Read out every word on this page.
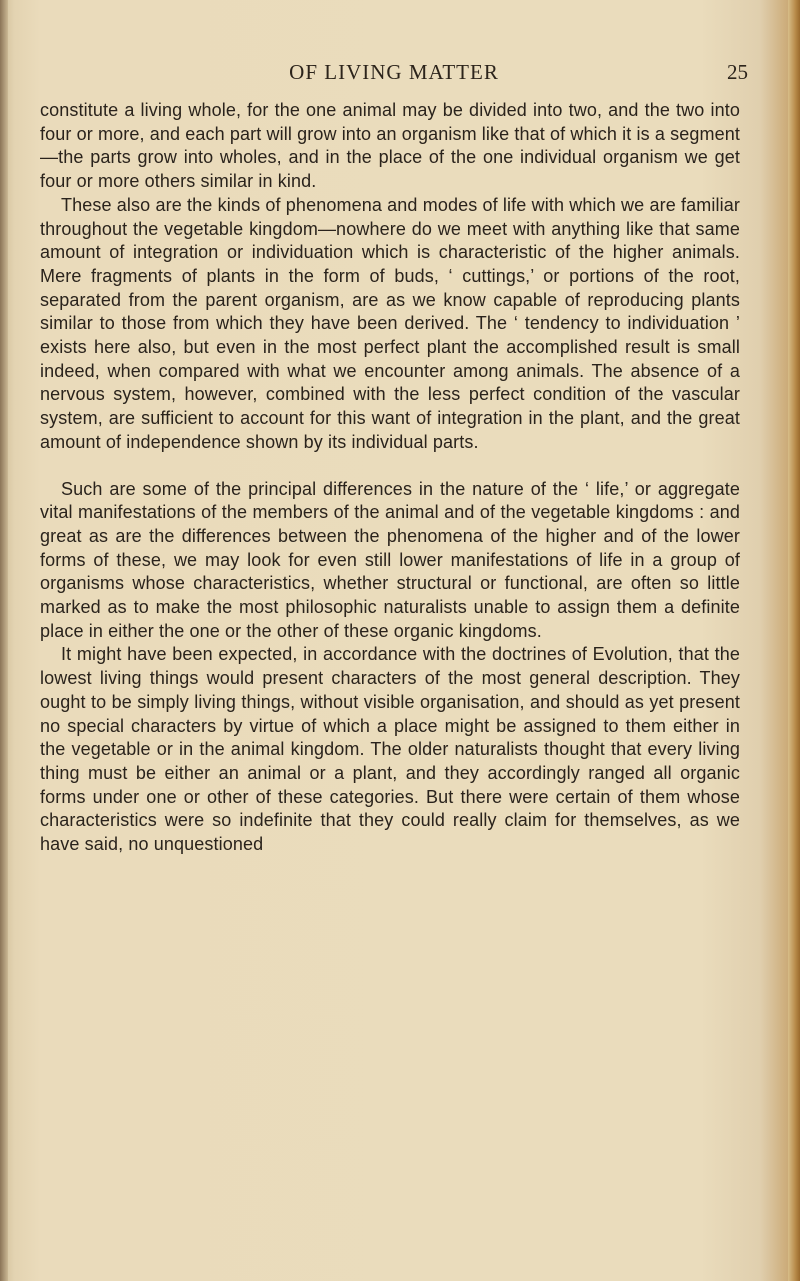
OF LIVING MATTER	25

constitute a living whole, for the one animal may be divided into two, and the two into four or more, and each part will grow into an organism like that of which it is a segment—the parts grow into wholes, and in the place of the one individual organism we get four or more others similar in kind.

These also are the kinds of phenomena and modes of life with which we are familiar throughout the vegetable kingdom—nowhere do we meet with anything like that same amount of integration or individuation which is characteristic of the higher animals. Mere fragments of plants in the form of buds, ‘ cuttings,’ or portions of the root, separated from the parent organism, are as we know capable of reproducing plants similar to those from which they have been derived. The ‘ tendency to individuation ’ exists here also, but even in the most perfect plant the accomplished result is small indeed, when compared with what we encounter among animals. The absence of a nervous system, however, combined with the less perfect condition of the vascular system, are sufficient to account for this want of integration in the plant, and the great amount of independence shown by its individual parts.

Such are some of the principal differences in the nature of the ‘ life,’ or aggregate vital manifestations of the members of the animal and of the vegetable kingdoms : and great as are the differences between the phenomena of the higher and of the lower forms of these, we may look for even still lower manifestations of life in a group of organisms whose characteristics, whether structural or functional, are often so little marked as to make the most philosophic naturalists unable to assign them a definite place in either the one or the other of these organic kingdoms.

It might have been expected, in accordance with the doctrines of Evolution, that the lowest living things would present characters of the most general description. They ought to be simply living things, without visible organisation, and should as yet present no special characters by virtue of which a place might be assigned to them either in the vegetable or in the animal kingdom. The older naturalists thought that every living thing must be either an animal or a plant, and they accordingly ranged all organic forms under one or other of these categories. But there were certain of them whose characteristics were so indefinite that they could really claim for themselves, as we have said, no unquestioned
